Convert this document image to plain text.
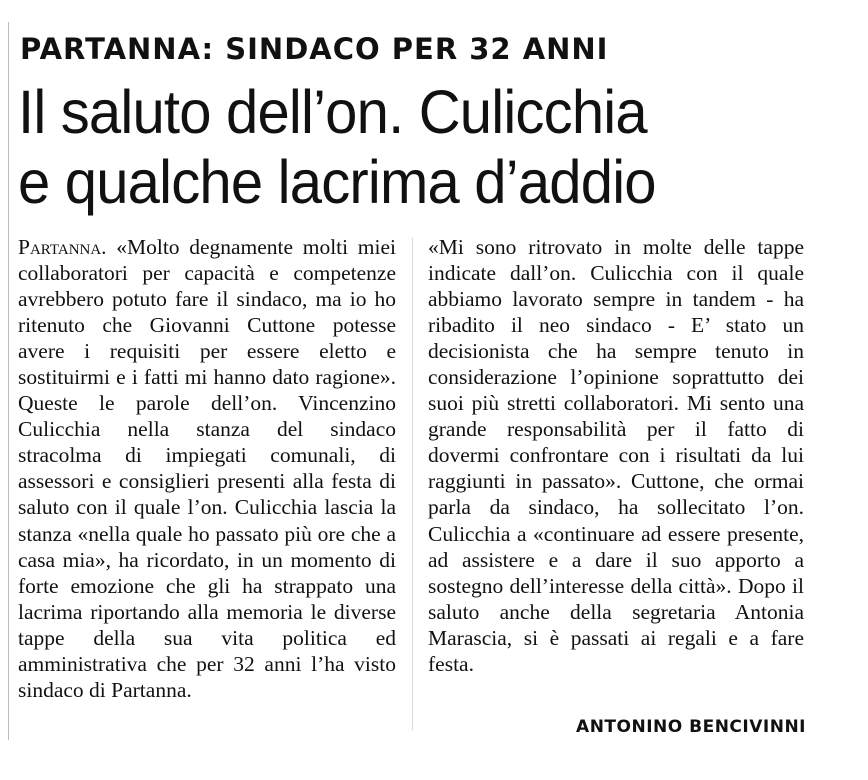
PARTANNA: SINDACO PER 32 ANNI
Il saluto dell’on. Culicchia
e qualche lacrima d’addio

Partanna. «Molto degnamente molti miei collaboratori per capacità e competenze avrebbero potuto fare il sindaco, ma io ho ritenuto che Giovanni Cuttone potesse avere i requisiti per essere eletto e sostituirmi e i fatti mi hanno dato ragione». Queste le parole dell’on. Vincenzino Culicchia nella stanza del sindaco stracolma di impiegati comunali, di assessori e consiglieri presenti alla festa di saluto con il quale l’on. Culicchia lascia la stanza «nella quale ho passato più ore che a casa mia», ha ricordato, in un momento di forte emozione che gli ha strappato una lacrima riportando alla memoria le diverse tappe della sua vita politica ed amministrativa che per 32 anni l’ha visto sindaco di Partanna.

«Mi sono ritrovato in molte delle tappe indicate dall’on. Culicchia con il quale abbiamo lavorato sempre in tandem - ha ribadito il neo sindaco - E’ stato un decisionista che ha sempre tenuto in considerazione l’opinione soprattutto dei suoi più stretti collaboratori. Mi sento una grande responsabilità per il fatto di dovermi confrontare con i risultati da lui raggiunti in passato». Cuttone, che ormai parla da sindaco, ha sollecitato l’on. Culicchia a «continuare ad essere presente, ad assistere e a dare il suo apporto a sostegno dell’interesse della città». Dopo il saluto anche della segretaria Antonia Marascia, si è passati ai regali e a fare festa.

ANTONINO BENCIVINNI
